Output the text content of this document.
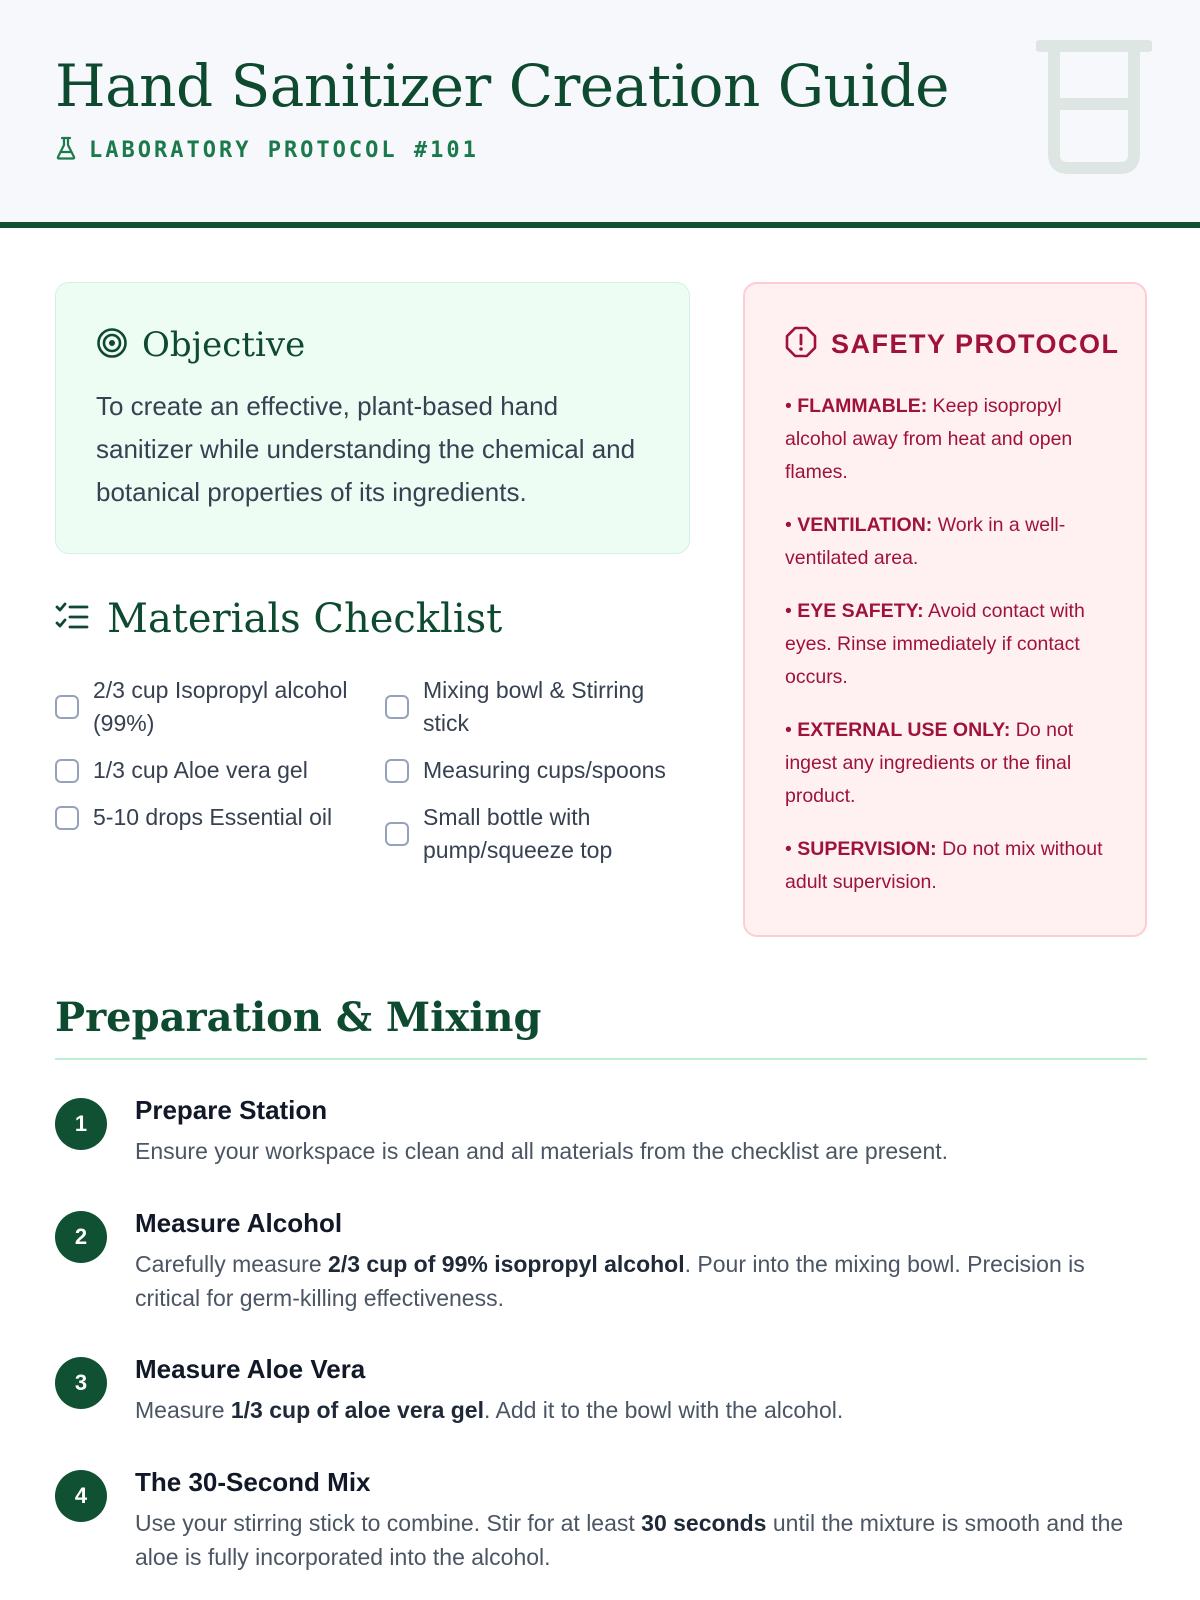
Hand Sanitizer Creation Guide
LABORATORY PROTOCOL #101
Objective

To create an effective, plant-based hand sanitizer while understanding the chemical and botanical properties of its ingredients.

Materials Checklist
2/3 cup Isopropyl alcohol (99%)
Mixing bowl & Stirring stick
1/3 cup Aloe vera gel	Measuring cups/spoons
5-10 drops Essential oil	Small bottle with pump/squeeze top
SAFETY PROTOCOL

• FLAMMABLE: Keep isopropyl alcohol away from heat and open flames.

• VENTILATION: Work in a well-ventilated area.

• EYE SAFETY: Avoid contact with eyes. Rinse immediately if contact occurs.

• EXTERNAL USE ONLY: Do not ingest any ingredients or the final product.

• SUPERVISION: Do not mix without adult supervision.

Preparation & Mixing
1	Prepare Station

Ensure your workspace is clean and all materials from the checklist are present.

2	Measure Alcohol

Carefully measure 2/3 cup of 99% isopropyl alcohol. Pour into the mixing bowl. Precision is critical for germ-killing effectiveness.

3	Measure Aloe Vera

Measure 1/3 cup of aloe vera gel. Add it to the bowl with the alcohol.

4	The 30-Second Mix

Use your stirring stick to combine. Stir for at least 30 seconds until the mixture is smooth and the aloe is fully incorporated into the alcohol.
